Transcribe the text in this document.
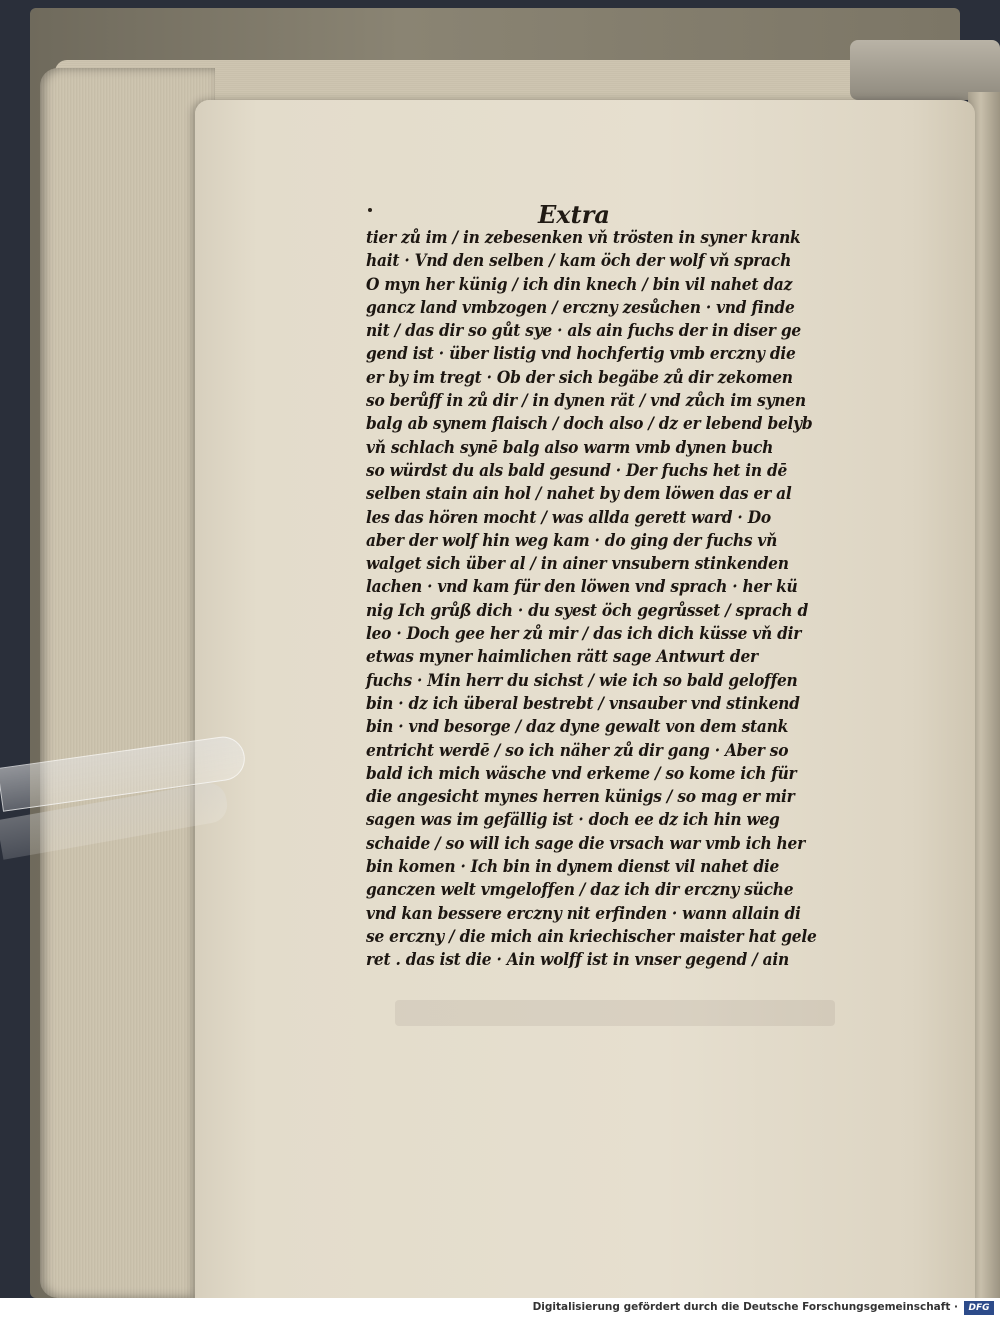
Extra
tier zů im / in zebesenken vň trösten in syner krank
hait · Vnd den selben / kam öch der wolf vň sprach
O myn her künig / ich din knech / bin vil nahet daz
gancz land vmbzogen / erczny zesůchen · vnd finde
nit / das dir so gůt sye · als ain fuchs der in diser ge
gend ist · über listig vnd hochfertig vmb erczny die
er by im tregt · Ob der sich begäbe zů dir zekomen
so berůff in zů dir / in dynen rät / vnd zůch im synen
balg ab synem flaisch / doch also / dz er lebend belyb
vň schlach synē balg also warm vmb dynen buch
so würdst du als bald gesund · Der fuchs het in dē
selben stain ain hol / nahet by dem löwen das er al
les das hören mocht / was allda gerett ward · Do
aber der wolf hin weg kam · do ging der fuchs vň
walget sich über al / in ainer vnsubern stinkenden
lachen · vnd kam für den löwen vnd sprach · her kü
nig Ich grůß dich · du syest öch gegrůsset / sprach d
leo · Doch gee her zů mir / das ich dich küsse vň dir
etwas myner haimlichen rätt sage Antwurt der
fuchs · Min herr du sichst / wie ich so bald geloffen
bin · dz ich überal bestrebt / vnsauber vnd stinkend
bin · vnd besorge / daz dyne gewalt von dem stank
entricht werdē / so ich näher zů dir gang · Aber so
bald ich mich wäsche vnd erkeme / so kome ich für
die angesicht mynes herren künigs / so mag er mir
sagen was im gefällig ist · doch ee dz ich hin weg
schaide / so will ich sage die vrsach war vmb ich her
bin komen · Ich bin in dynem dienst vil nahet die
ganczen welt vmgeloffen / daz ich dir erczny süche
vnd kan bessere erczny nit erfinden · wann allain di
se erczny / die mich ain kriechischer maister hat gele
ret . das ist die · Ain wolff ist in vnser gegend / ain
Digitalisierung gefördert durch die Deutsche Forschungsgemeinschaft ·	DFG
